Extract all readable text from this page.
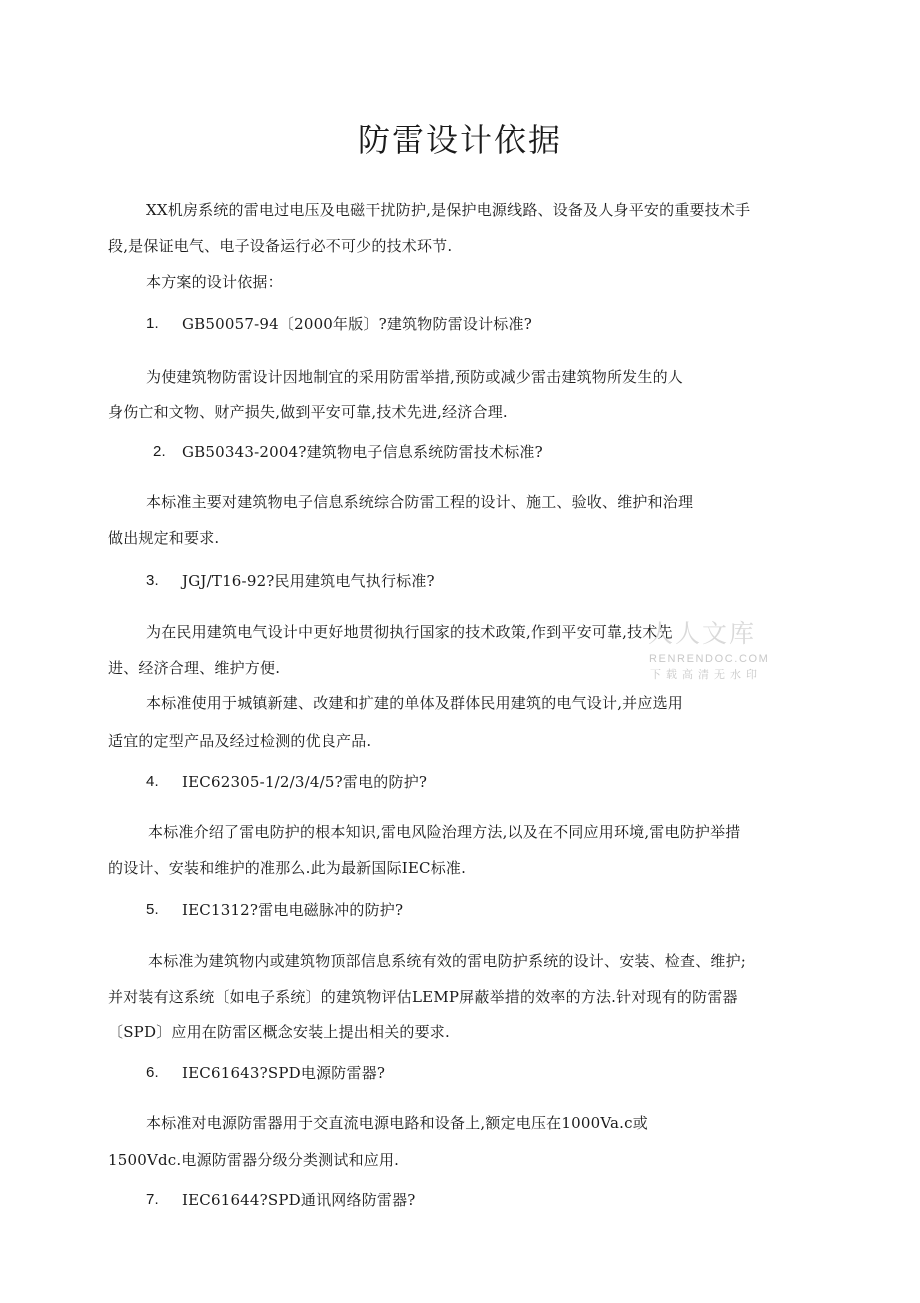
防雷设计依据
XX机房系统的雷电过电压及电磁干扰防护,是保护电源线路、设备及人身平安的重要技术手
段,是保证电气、电子设备运行必不可少的技术环节.
本方案的设计依据：
1. GB50057-94〔2000年版〕?建筑物防雷设计标准?
为使建筑物防雷设计因地制宜的采用防雷举措,预防或减少雷击建筑物所发生的人
身伤亡和文物、财产损失,做到平安可靠,技术先进,经济合理.
2. GB50343-2004?建筑物电子信息系统防雷技术标准?
本标准主要对建筑物电子信息系统综合防雷工程的设计、施工、验收、维护和治理
做出规定和要求.
3. JGJ/T16-92?民用建筑电气执行标准?
为在民用建筑电气设计中更好地贯彻执行国家的技术政策,作到平安可靠,技术先
进、经济合理、维护方便.
本标准使用于城镇新建、改建和扩建的单体及群体民用建筑的电气设计,并应选用
适宜的定型产品及经过检测的优良产品.
4. IEC62305-1/2/3/4/5?雷电的防护?
本标准介绍了雷电防护的根本知识,雷电风险治理方法,以及在不同应用环境,雷电防护举措
的设计、安装和维护的准那么.此为最新国际IEC标准.
5. IEC1312?雷电电磁脉冲的防护?
本标准为建筑物内或建筑物顶部信息系统有效的雷电防护系统的设计、安装、检查、维护;
并对装有这系统〔如电子系统〕的建筑物评估LEMP屏蔽举措的效率的方法.针对现有的防雷器
〔SPD〕应用在防雷区概念安装上提出相关的要求.
6. IEC61643?SPD电源防雷器?
本标准对电源防雷器用于交直流电源电路和设备上,额定电压在1000Va.c或
1500Vdc.电源防雷器分级分类测试和应用.
7. IEC61644?SPD通讯网络防雷器?
人人文库
RENRENDOC.COM
下载高清无水印
